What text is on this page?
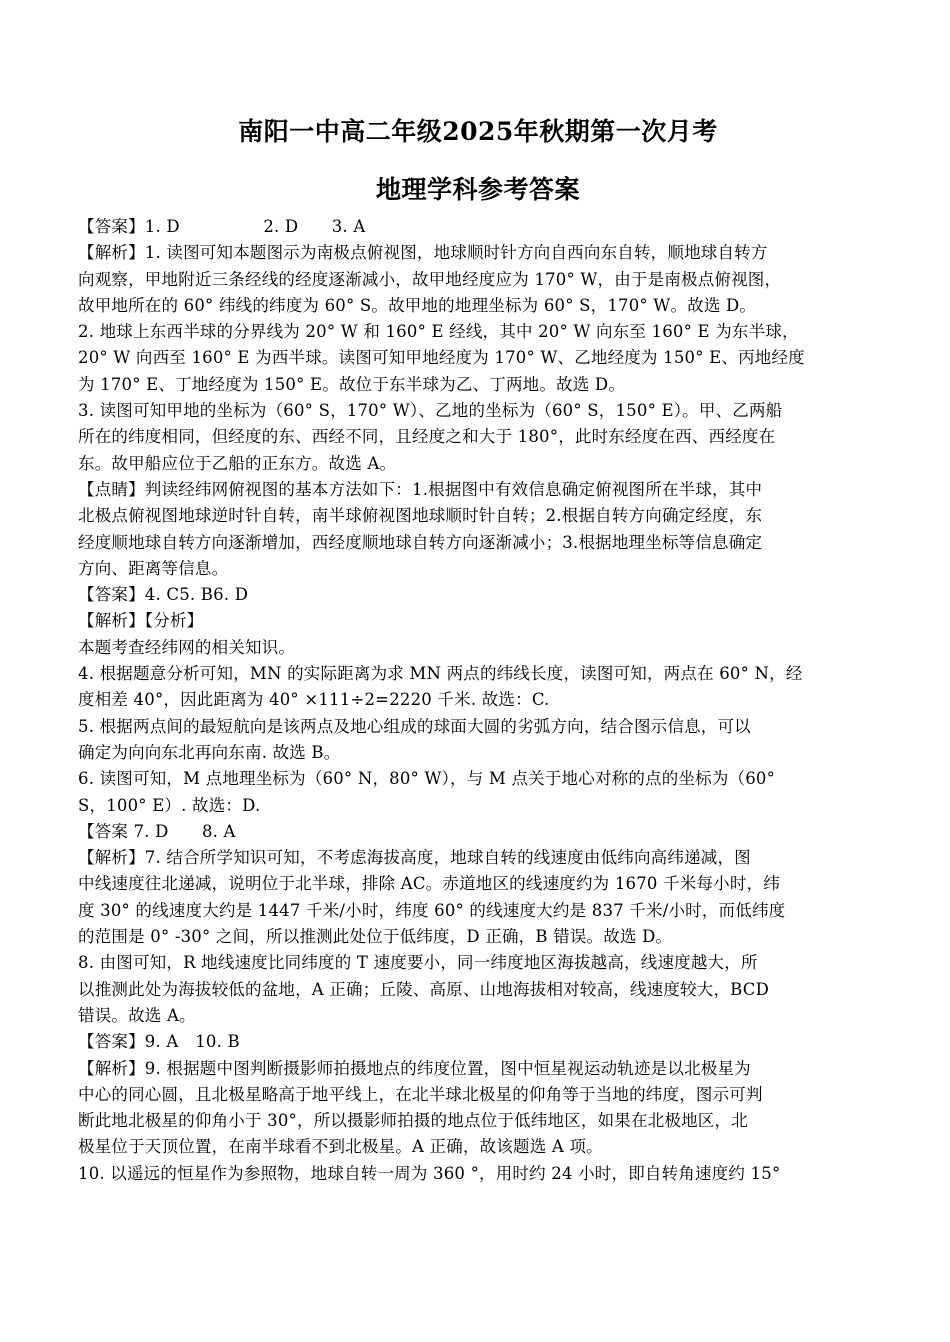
南阳一中高二年级2025年秋期第一次月考
地理学科参考答案

【答案】1. D　　　　　2. D　　3. A

【解析】1. 读图可知本题图示为南极点俯视图，地球顺时针方向自西向东自转，顺地球自转方

向观察，甲地附近三条经线的经度逐渐减小，故甲地经度应为 170° W，由于是南极点俯视图，

故甲地所在的 60° 纬线的纬度为 60° S。故甲地的地理坐标为 60° S，170° W。故选 D。

2. 地球上东西半球的分界线为 20° W 和 160° E 经线，其中 20° W 向东至 160° E 为东半球，

20° W 向西至 160° E 为西半球。读图可知甲地经度为 170° W、乙地经度为 150° E、丙地经度

为 170° E、丁地经度为 150° E。故位于东半球为乙、丁两地。故选 D。

3. 读图可知甲地的坐标为（60° S，170° W）、乙地的坐标为（60° S，150° E）。甲、乙两船

所在的纬度相同，但经度的东、西经不同，且经度之和大于 180°，此时东经度在西、西经度在

东。故甲船应位于乙船的正东方。故选 A。

【点睛】判读经纬网俯视图的基本方法如下：1.根据图中有效信息确定俯视图所在半球，其中

北极点俯视图地球逆时针自转，南半球俯视图地球顺时针自转；2.根据自转方向确定经度，东

经度顺地球自转方向逐渐增加，西经度顺地球自转方向逐渐减小；3.根据地理坐标等信息确定

方向、距离等信息。

【答案】4. C5. B6. D

【解析】【分析】

本题考查经纬网的相关知识。

4. 根据题意分析可知，MN 的实际距离为求 MN 两点的纬线长度，读图可知，两点在 60° N，经

度相差 40°，因此距离为 40° ×111÷2=2220 千米. 故选：C.

5. 根据两点间的最短航向是该两点及地心组成的球面大圆的劣弧方向，结合图示信息，可以

确定为向向东北再向东南. 故选 B。

6. 读图可知，M 点地理坐标为（60° N，80° W），与 M 点关于地心对称的点的坐标为（60°

S，100° E）. 故选：D.

【答案 7. D　　8. A

【解析】7. 结合所学知识可知，不考虑海拔高度，地球自转的线速度由低纬向高纬递减，图

中线速度往北递减，说明位于北半球，排除 AC。赤道地区的线速度约为 1670 千米每小时，纬

度 30° 的线速度大约是 1447 千米/小时，纬度 60° 的线速度大约是 837 千米/小时，而低纬度

的范围是 0° -30° 之间，所以推测此处位于低纬度，D 正确，B 错误。故选 D。

8. 由图可知，R 地线速度比同纬度的 T 速度要小，同一纬度地区海拔越高，线速度越大，所

以推测此处为海拔较低的盆地，A 正确；丘陵、高原、山地海拔相对较高，线速度较大，BCD

错误。故选 A。

【答案】9. A　10. B

【解析】9. 根据题中图判断摄影师拍摄地点的纬度位置，图中恒星视运动轨迹是以北极星为

中心的同心圆，且北极星略高于地平线上，在北半球北极星的仰角等于当地的纬度，图示可判

断此地北极星的仰角小于 30°，所以摄影师拍摄的地点位于低纬地区，如果在北极地区，北

极星位于天顶位置，在南半球看不到北极星。A 正确，故该题选 A 项。

10. 以遥远的恒星作为参照物，地球自转一周为 360 °，用时约 24 小时，即自转角速度约 15°
